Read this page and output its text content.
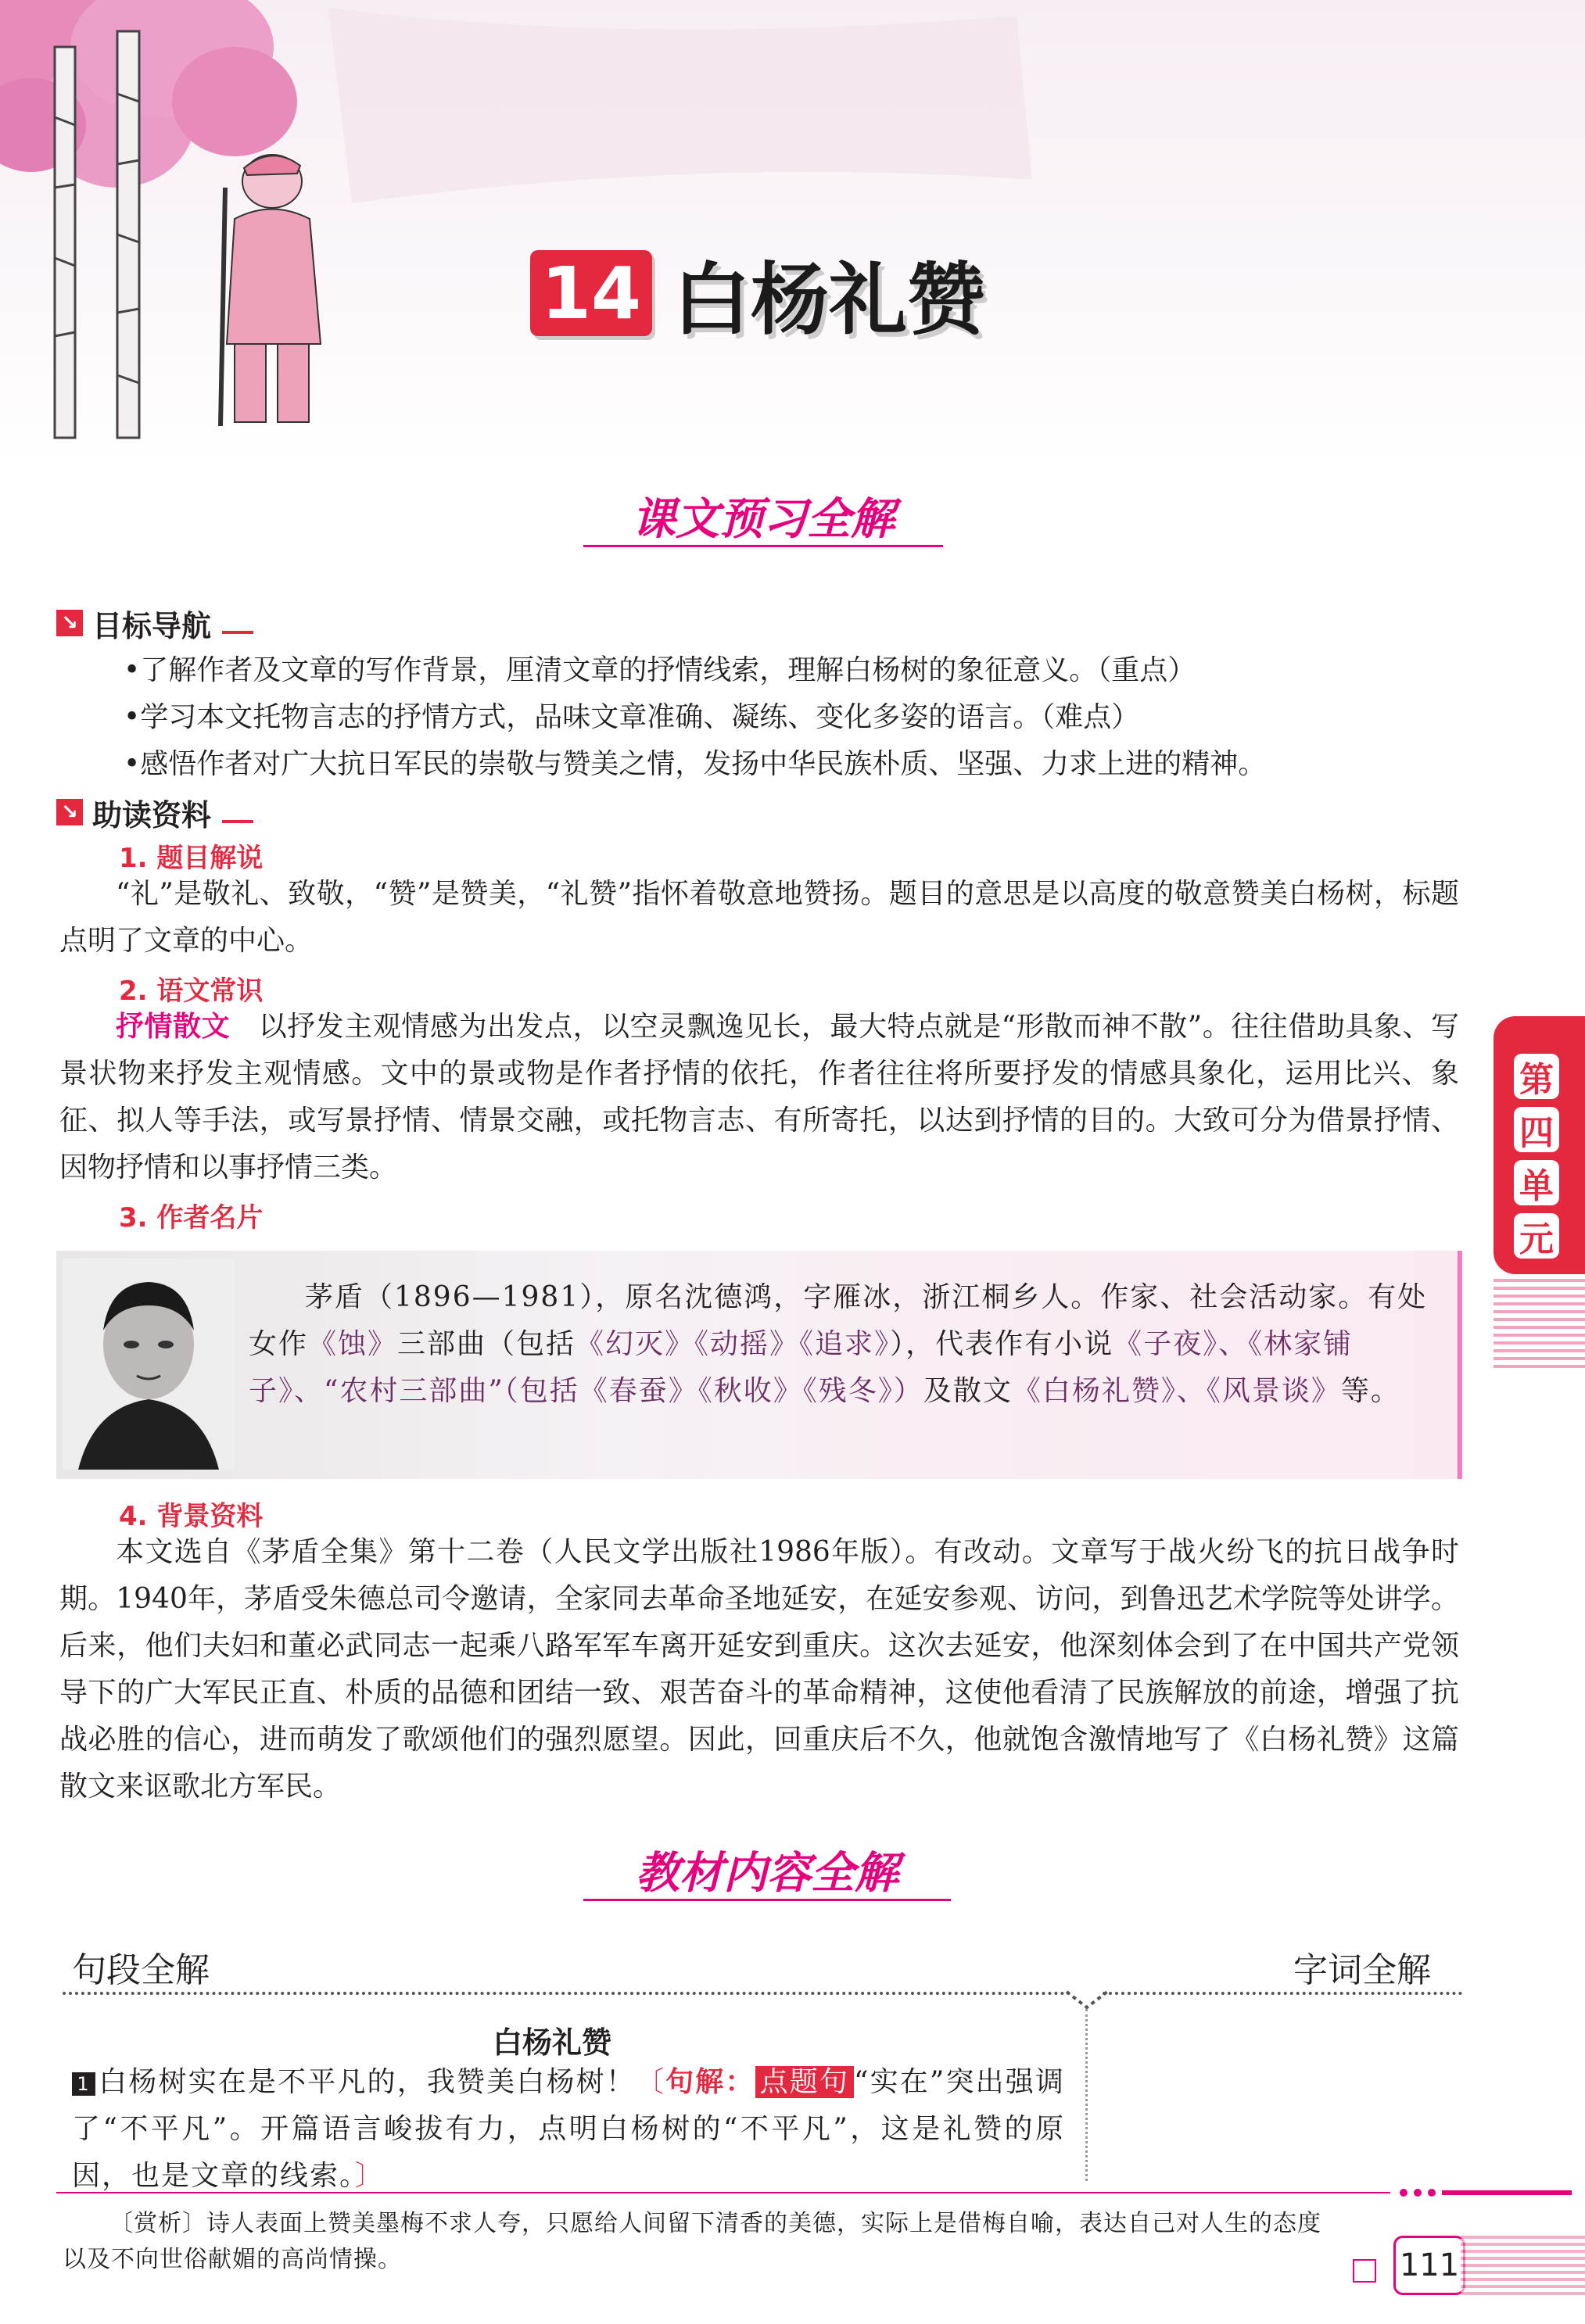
14 白杨礼赞
课文预习全解
↘ 目标导航
•了解作者及文章的写作背景，厘清文章的抒情线索，理解白杨树的象征意义。（重点）
•学习本文托物言志的抒情方式，品味文章准确、凝练、变化多姿的语言。（难点）
•感悟作者对广大抗日军民的崇敬与赞美之情，发扬中华民族朴质、坚强、力求上进的精神。
↘ 助读资料
1. 题目解说
“礼”是敬礼、致敬，“赞”是赞美，“礼赞”指怀着敬意地赞扬。题目的意思是以高度的敬意赞美白杨树，标题点明了文章的中心。
2. 语文常识
抒情散文　 以抒发主观情感为出发点，以空灵飘逸见长，最大特点就是“形散而神不散”。往往借助具象、写景状物来抒发主观情感。文中的景或物是作者抒情的依托，作者往往将所要抒发的情感具象化，运用比兴、象征、拟人等手法，或写景抒情、情景交融，或托物言志、有所寄托，以达到抒情的目的。大致可分为借景抒情、因物抒情和以事抒情三类。
3. 作者名片
茅盾（1896—1981），原名沈德鸿，字雁冰，浙江桐乡人。作家、社会活动家。有处女作《蚀》三部曲（包括《幻灭》《动摇》《追求》），代表作有小说《子夜》、《林家铺子》、“农村三部曲”（包括《春蚕》《秋收》《残冬》）及散文《白杨礼赞》、《风景谈》等。
4. 背景资料
本文选自《茅盾全集》第十二卷（人民文学出版社1986年版）。有改动。文章写于战火纷飞的抗日战争时期。1940年，茅盾受朱德总司令邀请，全家同去革命圣地延安，在延安参观、访问，到鲁迅艺术学院等处讲学。后来，他们夫妇和董必武同志一起乘八路军军车离开延安到重庆。这次去延安，他深刻体会到了在中国共产党领导下的广大军民正直、朴质的品德和团结一致、艰苦奋斗的革命精神，这使他看清了民族解放的前途，增强了抗战必胜的信心，进而萌发了歌颂他们的强烈愿望。因此，回重庆后不久，他就饱含激情地写了《白杨礼赞》这篇散文来讴歌北方军民。
第
四
单
元
教材内容全解
句段全解	字词全解
白杨礼赞
1 白杨树实在是不平凡的，我赞美白杨树！〔句解： 点题句 “实在”突出强调了“不平凡”。开篇语言峻拔有力，点明白杨树的“不平凡”，这是礼赞的原因，也是文章的线索。〕
〔赏析〕诗人表面上赞美墨梅不求人夸，只愿给人间留下清香的美德，实际上是借梅自喻，表达自己对人生的态度以及不向世俗献媚的高尚情操。	111
